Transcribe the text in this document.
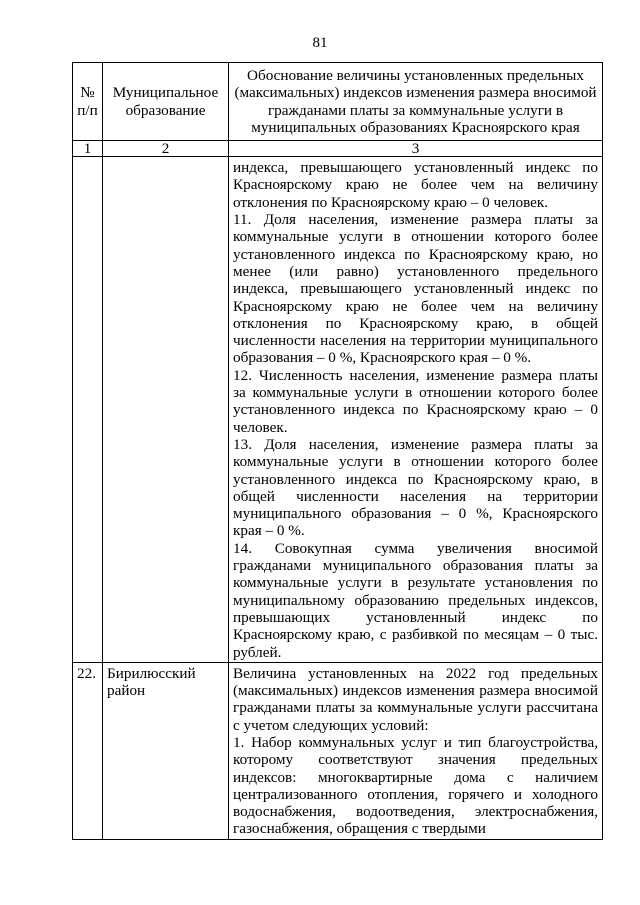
81
№ п/п	Муниципальное образование	Обоснование величины установленных предельных (максимальных) индексов изменения размера вносимой гражданами платы за коммунальные услуги в муниципальных образованиях Красноярского края
1	2	3

		индекса, превышающего установленный индекс по Красноярскому краю не более чем на величину отклонения по Красноярскому краю – 0 человек.
11. Доля населения, изменение размера платы за коммунальные услуги в отношении которого более установленного индекса по Красноярскому краю, но менее (или равно) установленного предельного индекса, превышающего установленный индекс по Красноярскому краю не более чем на величину отклонения по Красноярскому краю, в общей численности населения на территории муниципального образования – 0 %, Красноярского края – 0 %.
12. Численность населения, изменение размера платы за коммунальные услуги в отношении которого более установленного индекса по Красноярскому краю – 0 человек.
13. Доля населения, изменение размера платы за коммунальные услуги в отношении которого более установленного индекса по Красноярскому краю, в общей численности населения на территории муниципального образования – 0 %, Красноярского края – 0 %.
14. Совокупная сумма увеличения вносимой гражданами муниципального образования платы за коммунальные услуги в результате установления по муниципальному образованию предельных индексов, превышающих установленный индекс по Красноярскому краю, с разбивкой по месяцам – 0 тыс. рублей.

22.	Бирилюсский район	Величина установленных на 2022 год предельных (максимальных) индексов изменения размера вносимой гражданами платы за коммунальные услуги рассчитана с учетом следующих условий:
1. Набор коммунальных услуг и тип благоустройства, которому соответствуют значения предельных индексов: многоквартирные дома с наличием централизованного отопления, горячего и холодного водоснабжения, водоотведения, электроснабжения, газоснабжения, обращения с твердыми
